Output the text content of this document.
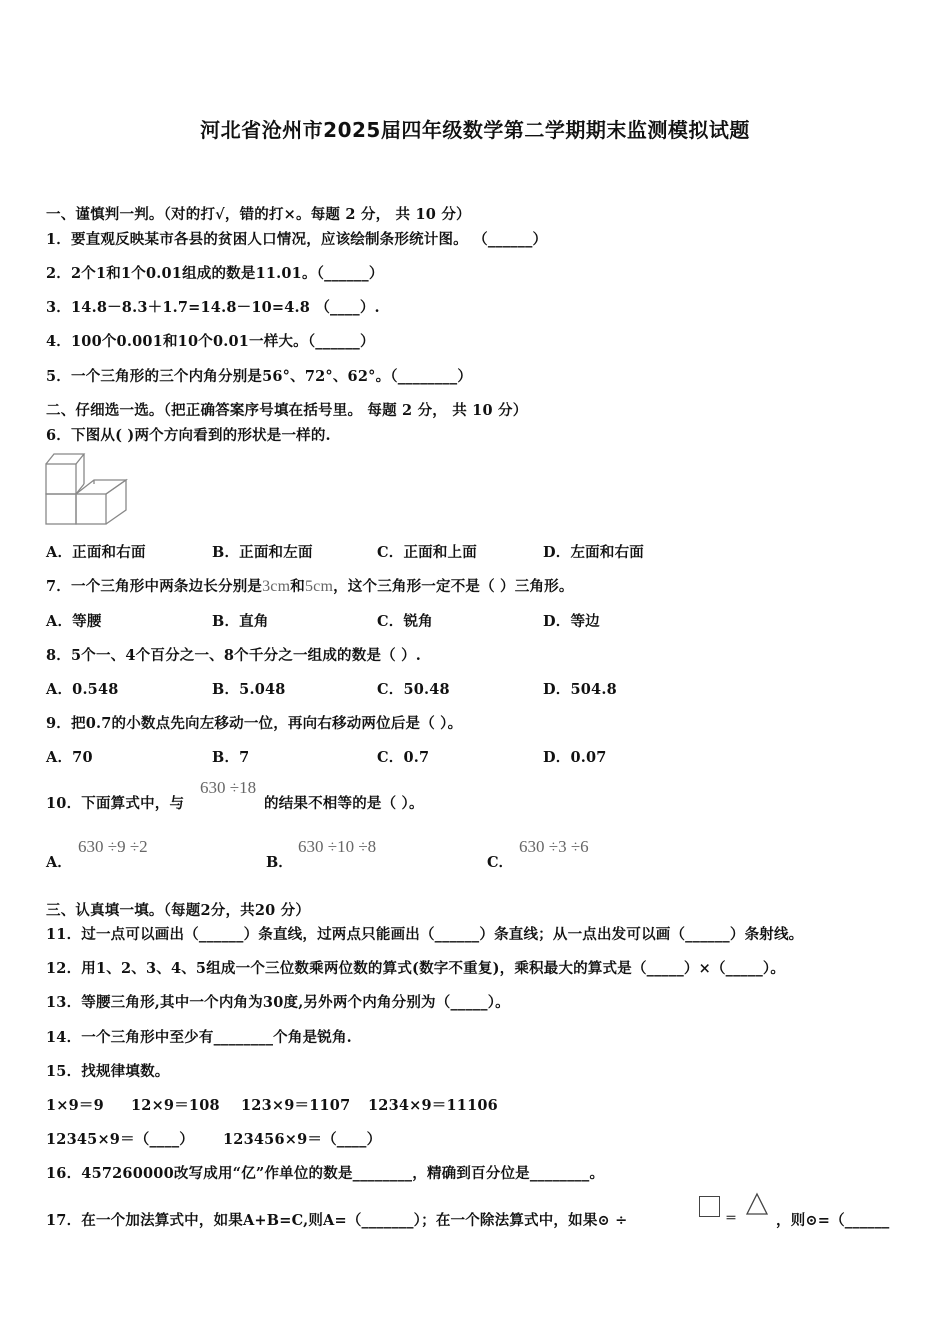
河北省沧州市2025届四年级数学第二学期期末监测模拟试题
一、谨慎判一判。（对的打√，错的打×。每题 2 分， 共 10 分）
1．要直观反映某市各县的贫困人口情况，应该绘制条形统计图。 （______）
2．2个1和1个0.01组成的数是11.01。（______）
3．14.8－8.3＋1.7=14.8－10=4.8 （____）.
4．100个0.001和10个0.01一样大。（______）
5．一个三角形的三个内角分别是56°、72°、62°。（________）
二、仔细选一选。（把正确答案序号填在括号里。 每题 2 分， 共 10 分）
6．下图从( )两个方向看到的形状是一样的.
A．正面和右面	B．正面和左面	C．正面和上面	D．左面和右面
7．一个三角形中两条边长分别是3cm和5cm，这个三角形一定不是（ ）三角形。
A．等腰	B．直角	C．锐角	D．等边
8．5个一、4个百分之一、8个千分之一组成的数是（ ）.
A．0.548	B．5.048	C．50.48	D．504.8
9．把0.7的小数点先向左移动一位，再向右移动两位后是（ ）。
A．70	B．7	C．0.7	D．0.07
10．下面算式中，与
630 ÷18
的结果不相等的是（ ）。
A．
630 ÷9 ÷2
B．
630 ÷10 ÷8
C．
630 ÷3 ÷6
三、认真填一填。（每题2分，共20 分）
11．过一点可以画出（______）条直线，过两点只能画出（______）条直线；从一点出发可以画（______）条射线。
12．用1、2、3、4、5组成一个三位数乘两位数的算式(数字不重复)，乘积最大的算式是（_____）×（_____）。
13．等腰三角形,其中一个内角为30度,另外两个内角分别为（_____）。
14．一个三角形中至少有________个角是锐角.
15．找规律填数。
1×9＝9 12×9＝108 123×9＝1107 1234×9＝11106
12345×9＝（____） 123456×9＝（____）
16．457260000改写成用“亿”作单位的数是________，精确到百分位是________。
17．在一个加法算式中，如果A+B=C,则A=（_______）；在一个除法算式中，如果⊙ ÷	＝	，则⊙=（______
